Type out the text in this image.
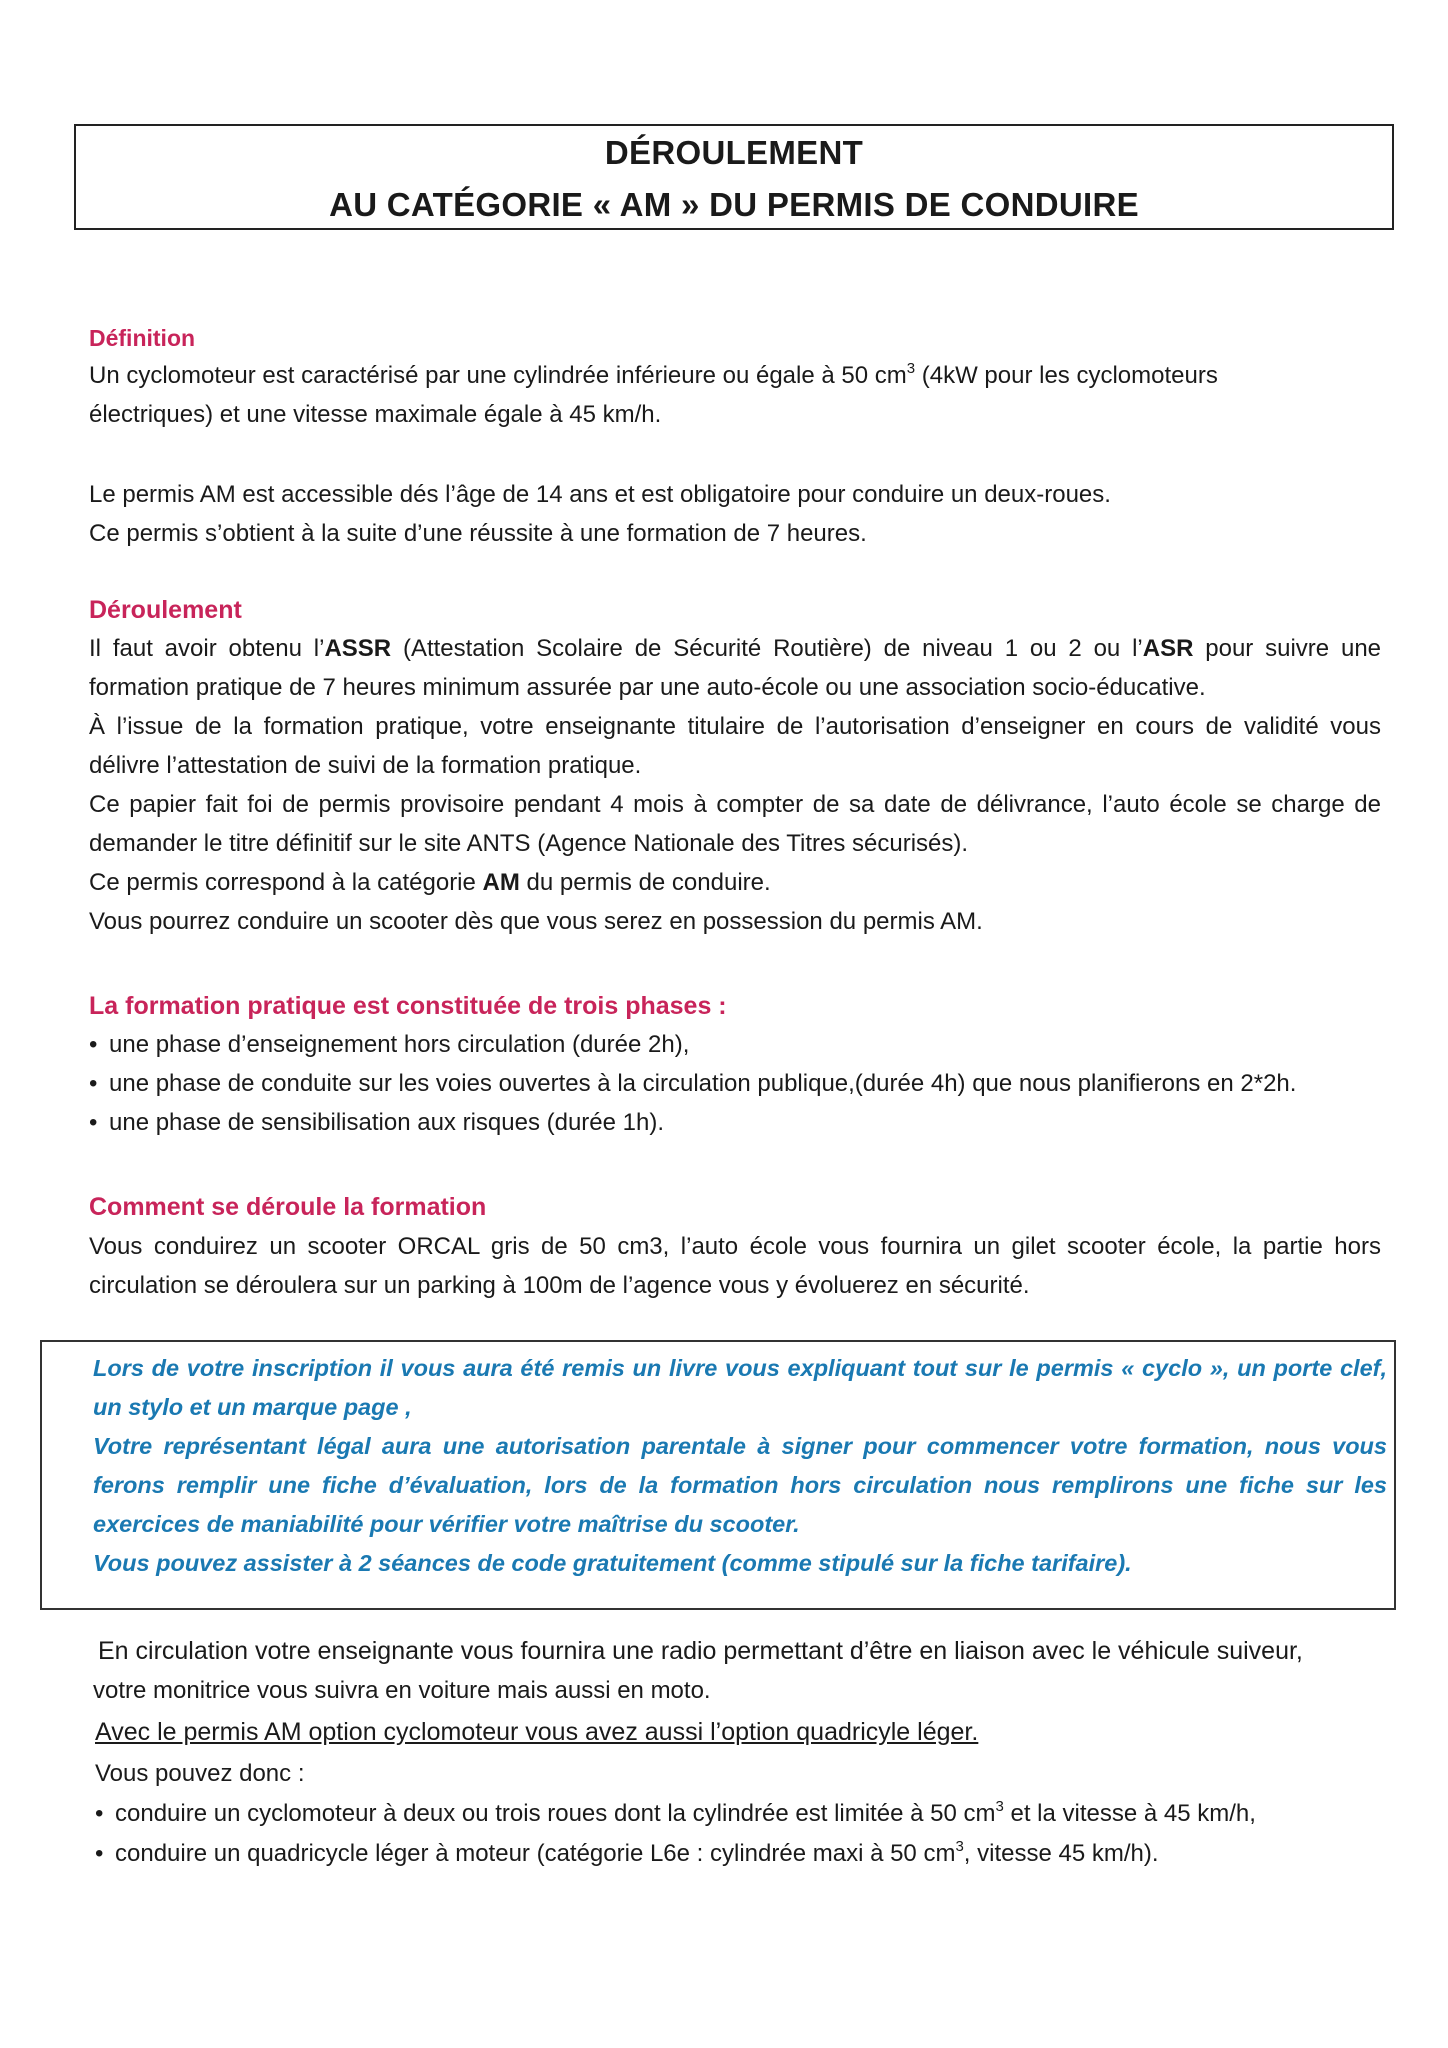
DÉROULEMENT
AU CATÉGORIE « AM » DU PERMIS DE CONDUIRE
Définition
Un cyclomoteur est caractérisé par une cylindrée inférieure ou égale à 50 $cm^3$ (4kW pour les cyclomoteurs
électriques) et une vitesse maximale égale à 45 km/h.
Le permis AM est accessible dés l’âge de 14 ans et est obligatoire pour conduire un deux-roues.
Ce permis s’obtient à la suite d’une réussite à une formation de 7 heures.
Déroulement
Il faut avoir obtenu l’ASSR (Attestation Scolaire de Sécurité Routière) de niveau 1 ou 2 ou l’ASR pour suivre une
formation pratique de 7 heures minimum assurée par une auto-école ou une association socio-éducative.
À l’issue de la formation pratique, votre enseignante titulaire de l’autorisation d’enseigner en cours de validité vous
délivre l’attestation de suivi de la formation pratique.
Ce papier fait foi de permis provisoire pendant 4 mois à compter de sa date de délivrance, l’auto école se charge de
demander le titre définitif sur le site ANTS (Agence Nationale des Titres sécurisés).
Ce permis correspond à la catégorie AM du permis de conduire.
Vous pourrez conduire un scooter dès que vous serez en possession du permis AM.
La formation pratique est constituée de trois phases :
• une phase d’enseignement hors circulation (durée 2h),
• une phase de conduite sur les voies ouvertes à la circulation publique,(durée 4h) que nous planifierons en 2*2h.
• une phase de sensibilisation aux risques (durée 1h).
Comment se déroule la formation
Vous conduirez un scooter ORCAL gris de 50 cm3, l’auto école vous fournira un gilet scooter école, la partie hors
circulation se déroulera sur un parking à 100m de l’agence vous y évoluerez en sécurité.
Lors de votre inscription il vous aura été remis un livre vous expliquant tout sur le permis « cyclo », un porte clef,
un stylo et un marque page ,
Votre représentant légal aura une autorisation parentale à signer pour commencer votre formation, nous vous
ferons remplir une fiche d’évaluation, lors de la formation hors circulation nous remplirons une fiche sur les
exercices de maniabilité pour vérifier votre maîtrise du scooter.
Vous pouvez assister à 2 séances de code gratuitement (comme stipulé sur la fiche tarifaire).
En circulation votre enseignante vous fournira une radio permettant d’être en liaison avec le véhicule suiveur,
votre monitrice vous suivra en voiture mais aussi en moto.
Avec le permis AM option cyclomoteur vous avez aussi l’option quadricyle léger.
Vous pouvez donc :
• conduire un cyclomoteur à deux ou trois roues dont la cylindrée est limitée à 50 $cm^3$ et la vitesse à 45 km/h,
• conduire un quadricycle léger à moteur (catégorie L6e : cylindrée maxi à 50 $cm^3$, vitesse 45 km/h).
